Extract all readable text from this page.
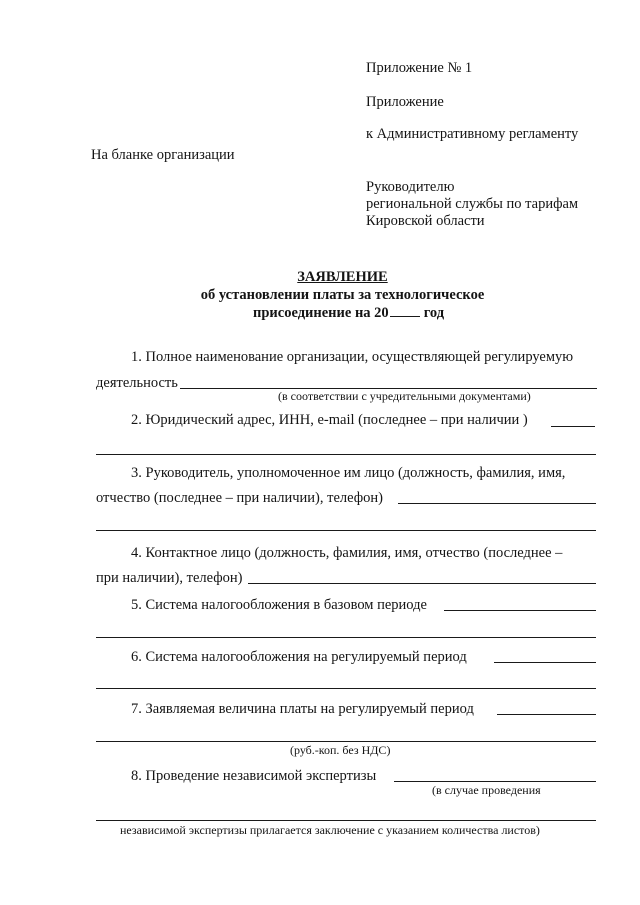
Приложение № 1
Приложение
к Административному регламенту
На бланке организации
Руководителю
региональной службы по тарифам
Кировской области
ЗАЯВЛЕНИЕ
об установлении платы за технологическое
присоединение на 20 год
1. Полное наименование организации, осуществляющей регулируемую
деятельность
(в соответствии с учредительными документами)
2. Юридический адрес, ИНН, e-mail (последнее – при наличии )
3. Руководитель, уполномоченное им лицо (должность, фамилия, имя,
отчество (последнее – при наличии), телефон)
4. Контактное лицо (должность, фамилия, имя, отчество (последнее –
при наличии), телефон)
5. Система налогообложения в базовом периоде
6. Система налогообложения на регулируемый период
7. Заявляемая величина платы на регулируемый период
(руб.-коп. без НДС)
8. Проведение независимой экспертизы
(в случае проведения
независимой экспертизы прилагается заключение с указанием количества листов)
